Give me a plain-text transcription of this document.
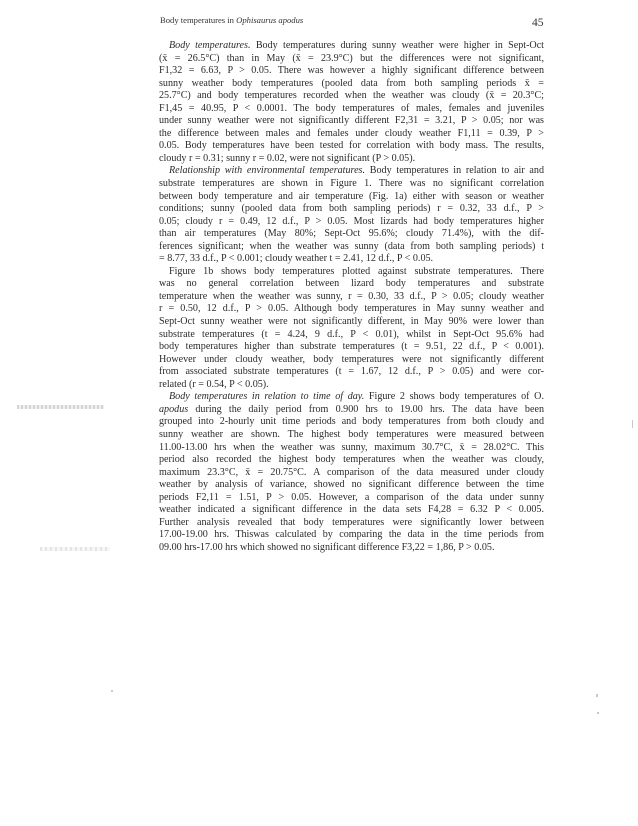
Body temperatures in Ophisaurus apodus	45
Body temperatures. Body temperatures during sunny weather were higher in Sept-Oct
(x̄ = 26.5°C) than in May (x̄ = 23.9°C) but the differences were not significant,
F1,32 = 6.63, P > 0.05. There was however a highly significant difference between
sunny weather body temperatures (pooled data from both sampling periods x̄ =
25.7°C) and body temperatures recorded when the weather was cloudy (x̄ = 20.3°C;
F1,45 = 40.95, P < 0.0001. The body temperatures of males, females and juveniles
under sunny weather were not significantly different F2,31 = 3.21, P > 0.05; nor was
the difference between males and females under cloudy weather F1,11 = 0.39, P >
0.05. Body temperatures have been tested for correlation with body mass. The results,
cloudy r = 0.31; sunny r = 0.02, were not significant (P > 0.05).
Relationship with environmental temperatures. Body temperatures in relation to air and
substrate temperatures are shown in Figure 1. There was no significant correlation
between body temperature and air temperature (Fig. 1a) either with season or weather
conditions; sunny (pooled data from both sampling periods) r = 0.32, 33 d.f., P >
0.05; cloudy r = 0.49, 12 d.f., P > 0.05. Most lizards had body temperatures higher
than air temperatures (May 80%; Sept-Oct 95.6%; cloudy 71.4%), with the dif-
ferences significant; when the weather was sunny (data from both sampling periods) t
= 8.77, 33 d.f., P < 0.001; cloudy weather t = 2.41, 12 d.f., P < 0.05.
Figure 1b shows body temperatures plotted against substrate temperatures. There
was no general correlation between lizard body temperatures and substrate
temperature when the weather was sunny, r = 0.30, 33 d.f., P > 0.05; cloudy weather
r = 0.50, 12 d.f., P > 0.05. Although body temperatures in May sunny weather and
Sept-Oct sunny weather were not significantly different, in May 90% were lower than
substrate temperatures (t = 4.24, 9 d.f., P < 0.01), whilst in Sept-Oct 95.6% had
body temperatures higher than substrate temperatures (t = 9.51, 22 d.f., P < 0.001).
However under cloudy weather, body temperatures were not significantly different
from associated substrate temperatures (t = 1.67, 12 d.f., P > 0.05) and were cor-
related (r = 0.54, P < 0.05).
Body temperatures in relation to time of day. Figure 2 shows body temperatures of O.
apodus during the daily period from 0.900 hrs to 19.00 hrs. The data have been
grouped into 2-hourly unit time periods and body temperatures from both cloudy and
sunny weather are shown. The highest body temperatures were measured between
11.00-13.00 hrs when the weather was sunny, maximum 30.7°C, x̄ = 28.02°C. This
period also recorded the highest body temperatures when the weather was cloudy,
maximum 23.3°C, x̄ = 20.75°C. A comparison of the data measured under cloudy
weather by analysis of variance, showed no significant difference between the time
periods F2,11 = 1.51, P > 0.05. However, a comparison of the data under sunny
weather indicated a significant difference in the data sets F4,28 = 6.32 P < 0.005.
Further analysis revealed that body temperatures were significantly lower between
17.00-19.00 hrs. Thiswas calculated by comparing the data in the time periods from
09.00 hrs-17.00 hrs which showed no significant difference F3,22 = 1,86, P > 0.05.
